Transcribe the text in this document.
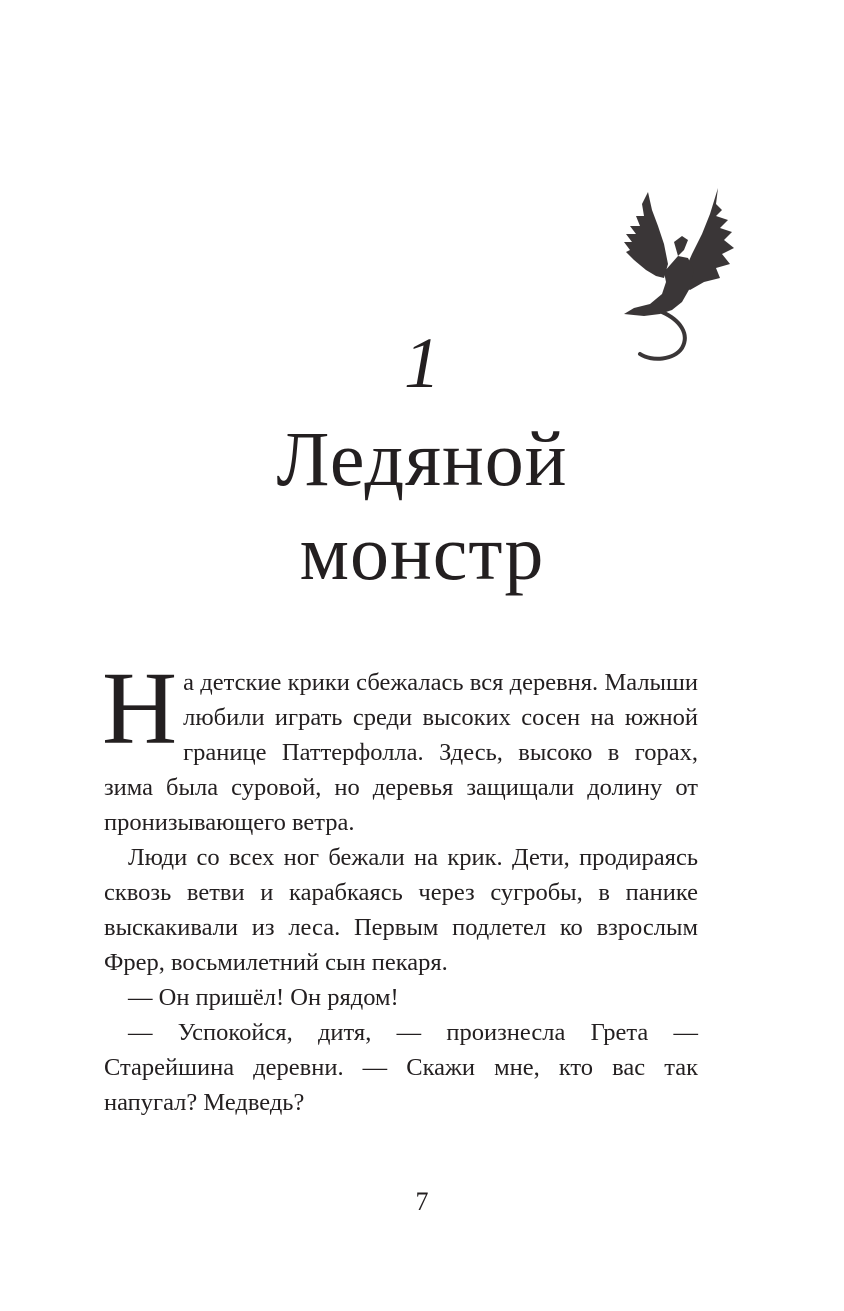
1
Ледяной
монстр

На детские крики сбежалась вся деревня. Малыши любили играть среди высоких сосен на южной границе Паттерфолла. Здесь, высоко в горах, зима была суровой, но деревья защищали долину от пронизывающего ветра.

Люди со всех ног бежали на крик. Дети, продираясь сквозь ветви и карабкаясь через сугробы, в панике выскакивали из леса. Первым подлетел ко взрослым Фрер, восьмилетний сын пекаря.

— Он пришёл! Он рядом!

— Успокойся, дитя, — произнесла Грета — Старейшина деревни. — Скажи мне, кто вас так напугал? Медведь?

7
